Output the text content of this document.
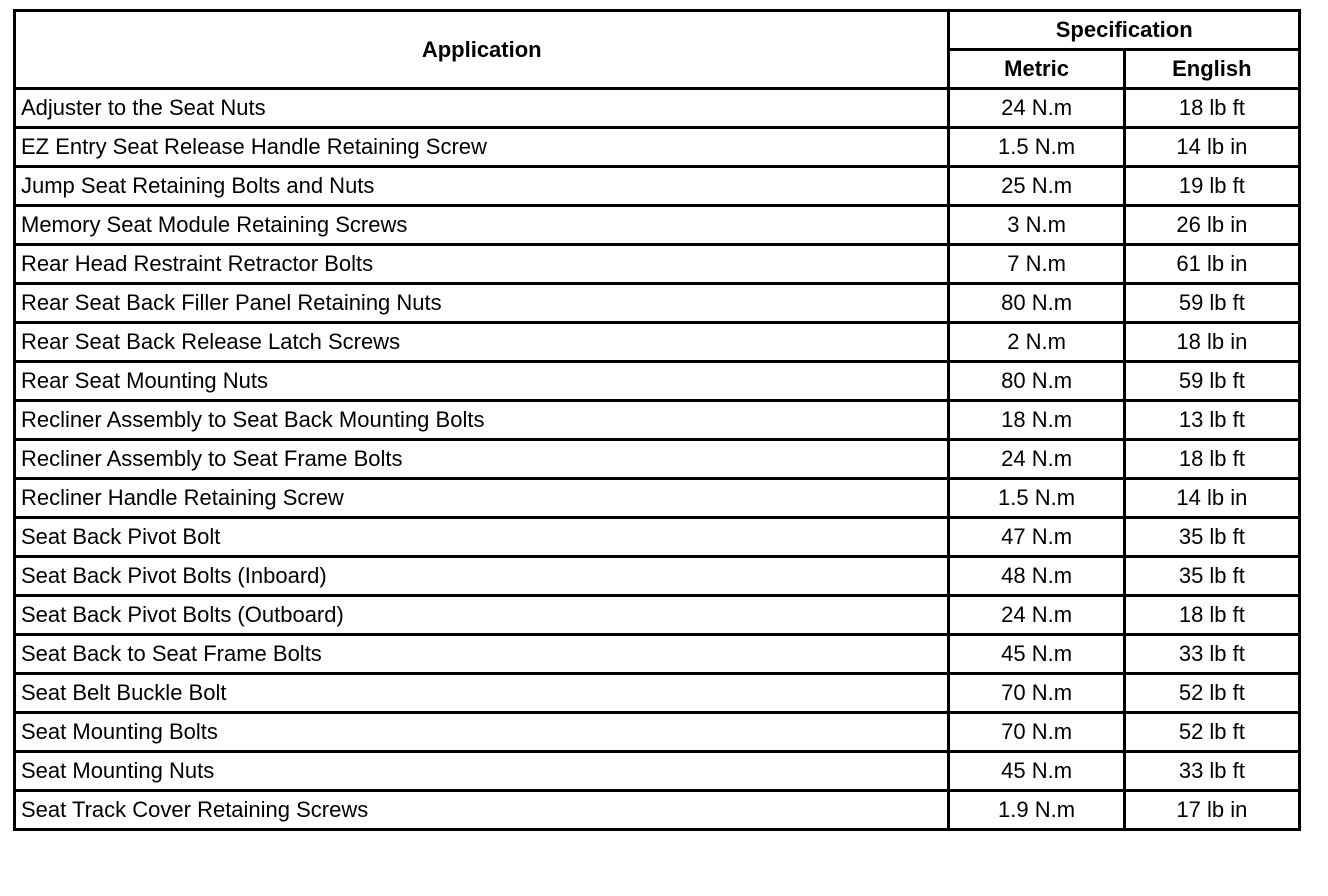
Application	Specification	
	Metric	English
Adjuster to the Seat Nuts	24 N.m	18 lb ft
EZ Entry Seat Release Handle Retaining Screw	1.5 N.m	14 lb in
Jump Seat Retaining Bolts and Nuts	25 N.m	19 lb ft
Memory Seat Module Retaining Screws	3 N.m	26 lb in
Rear Head Restraint Retractor Bolts	7 N.m	61 lb in
Rear Seat Back Filler Panel Retaining Nuts	80 N.m	59 lb ft
Rear Seat Back Release Latch Screws	2 N.m	18 lb in
Rear Seat Mounting Nuts	80 N.m	59 lb ft
Recliner Assembly to Seat Back Mounting Bolts	18 N.m	13 lb ft
Recliner Assembly to Seat Frame Bolts	24 N.m	18 lb ft
Recliner Handle Retaining Screw	1.5 N.m	14 lb in
Seat Back Pivot Bolt	47 N.m	35 lb ft
Seat Back Pivot Bolts (Inboard)	48 N.m	35 lb ft
Seat Back Pivot Bolts (Outboard)	24 N.m	18 lb ft
Seat Back to Seat Frame Bolts	45 N.m	33 lb ft
Seat Belt Buckle Bolt	70 N.m	52 lb ft
Seat Mounting Bolts	70 N.m	52 lb ft
Seat Mounting Nuts	45 N.m	33 lb ft
Seat Track Cover Retaining Screws	1.9 N.m	17 lb in
